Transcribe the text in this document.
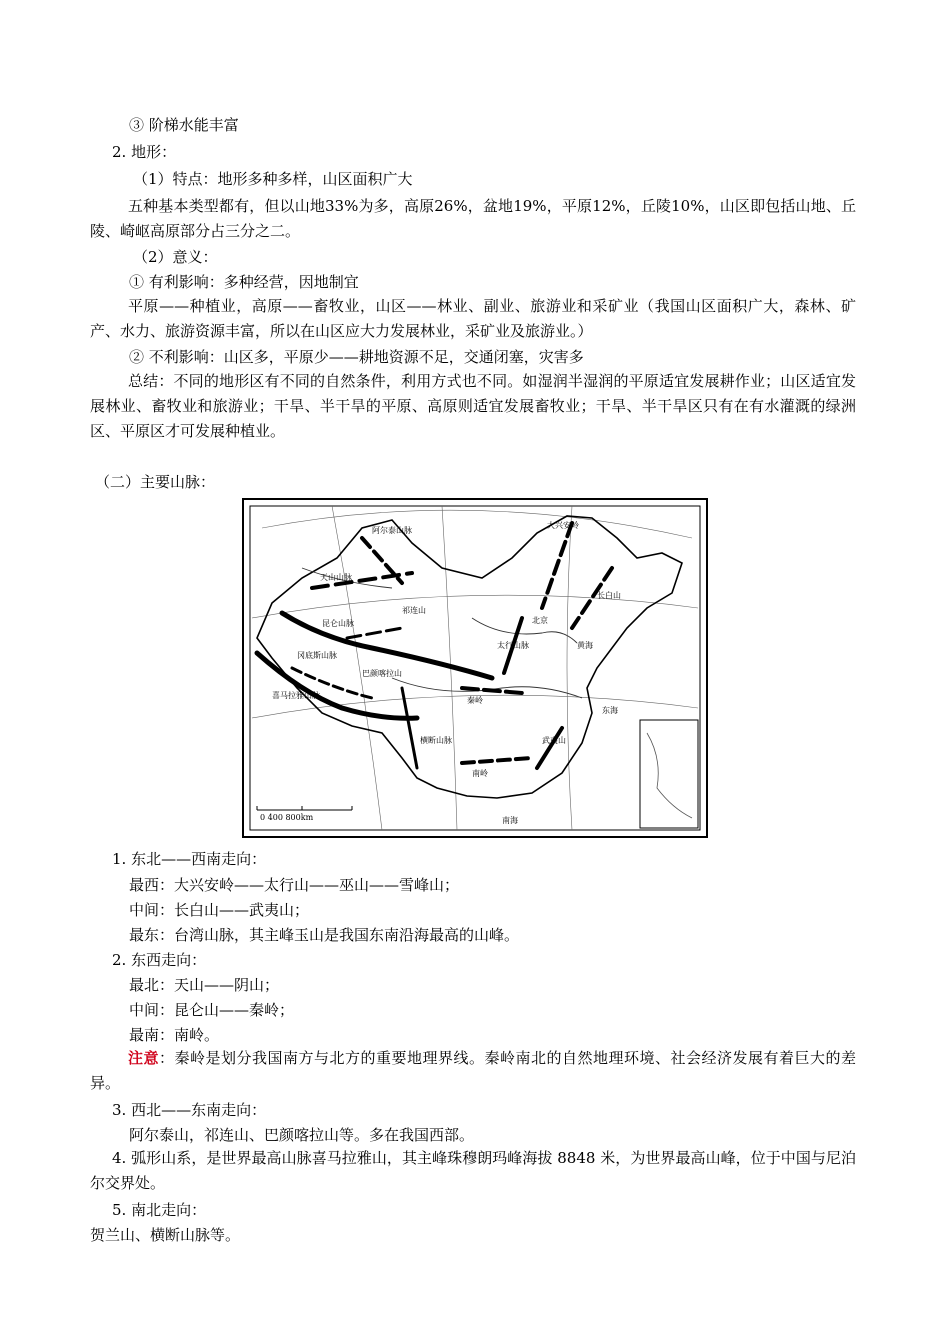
③ 阶梯水能丰富
2. 地形：
（1）特点：地形多种多样，山区面积广大
五种基本类型都有，但以山地33%为多，高原26%，盆地19%，平原12%，丘陵10%，山区即包括山地、丘陵、崎岖高原部分占三分之二。
（2）意义：
① 有利影响：多种经营，因地制宜
平原——种植业，高原——畜牧业，山区——林业、副业、旅游业和采矿业（我国山区面积广大，森林、矿产、水力、旅游资源丰富，所以在山区应大力发展林业，采矿业及旅游业。）
② 不利影响：山区多，平原少——耕地资源不足，交通闭塞，灾害多
总结：不同的地形区有不同的自然条件，利用方式也不同。如湿润半湿润的平原适宜发展耕作业；山区适宜发展林业、畜牧业和旅游业；干旱、半干旱的平原、高原则适宜发展畜牧业；干旱、半干旱区只有在有水灌溉的绿洲区、平原区才可发展种植业。
（二）主要山脉：
阿尔泰山脉
天山山脉
昆仑山脉
祁连山
喜马拉雅山脉
冈底斯山脉
巴颜喀拉山
横断山脉
秦岭
大兴安岭
长白山
太行山脉
武夷山
南岭
黄海
东海
南海
北京
0 400 800km
1. 东北——西南走向：
最西：大兴安岭——太行山——巫山——雪峰山；
中间：长白山——武夷山；
最东：台湾山脉，其主峰玉山是我国东南沿海最高的山峰。
2. 东西走向：
最北：天山——阴山；
中间：昆仑山——秦岭；
最南：南岭。
注意：秦岭是划分我国南方与北方的重要地理界线。秦岭南北的自然地理环境、社会经济发展有着巨大的差异。
3. 西北——东南走向：
阿尔泰山，祁连山、巴颜喀拉山等。多在我国西部。
4. 弧形山系，是世界最高山脉喜马拉雅山，其主峰珠穆朗玛峰海拔 8848 米，为世界最高山峰，位于中国与尼泊尔交界处。
5. 南北走向：
贺兰山、横断山脉等。
